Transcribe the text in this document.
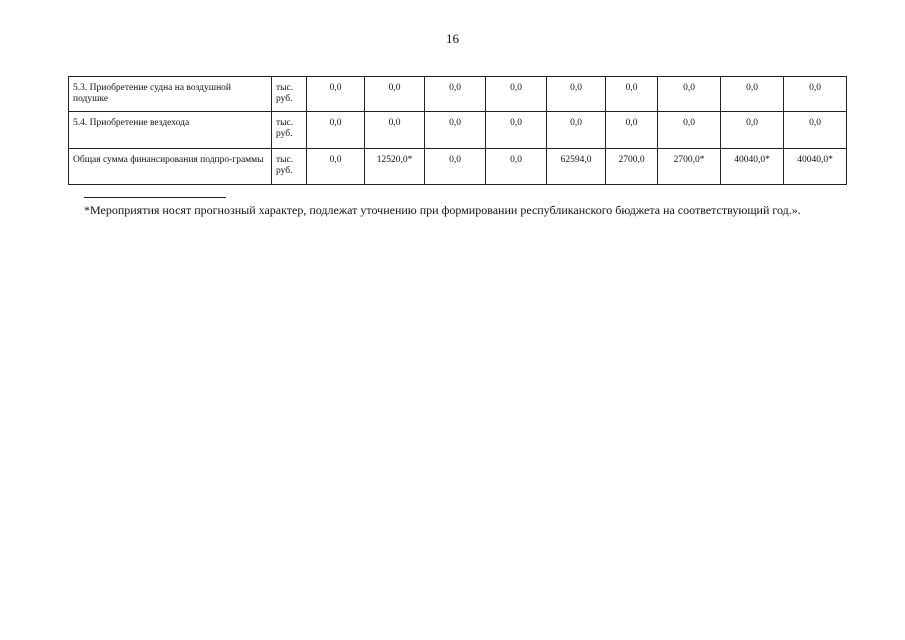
16
5.3. Приобретение судна на воздушной подушке	тыс. руб.	0,0	0,0	0,0	0,0	0,0	0,0	0,0	0,0	0,0
5.4. Приобретение вездехода	тыс. руб.	0,0	0,0	0,0	0,0	0,0	0,0	0,0	0,0	0,0
Общая сумма финансирования подпро-граммы	тыс. руб.	0,0	12520,0*	0,0	0,0	62594,0	2700,0	2700,0*	40040,0*	40040,0*
*Мероприятия носят прогнозный характер, подлежат уточнению при формировании республиканского бюджета на соответствующий год.».
